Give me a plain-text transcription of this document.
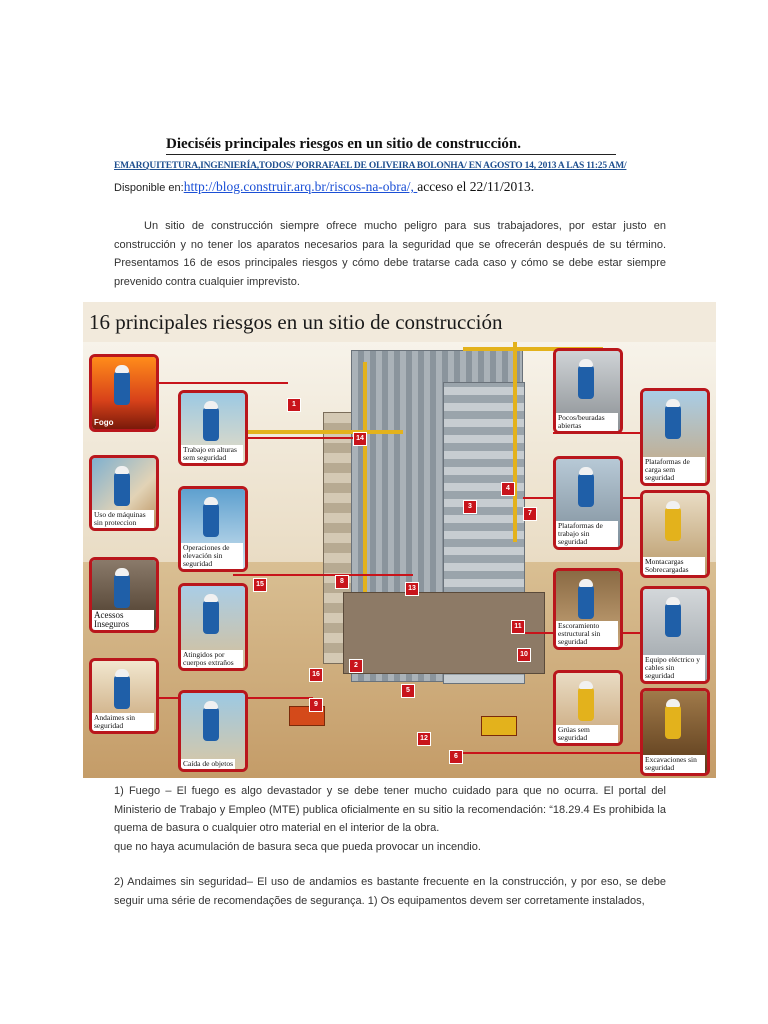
Dieciséis principales riesgos en un sitio de construcción.
EMARQUITETURA,INGENIERÍA,TODOS/ PORRAFAEL DE OLIVEIRA BOLONHA/ EN AGOSTO 14, 2013 A LAS 11:25 AM/
Disponible en:http://blog.construir.arq.br/riscos-na-obra/, acceso el 22/11/2013.
Un sitio de construcción siempre ofrece mucho peligro para sus trabajadores, por estar justo en construcción y no tener los aparatos necesarios para la seguridad que se ofrecerán después de su término. Presentamos 16 de esos principales riesgos y cómo debe tratarse cada caso y cómo se debe estar siempre prevenido contra cualquier imprevisto.
16 principales riesgos en un sitio de construcción
Fogo
Uso de máquinas sin proteccion
Acessos Inseguros
Andaimes sin seguridad
Trabajo en alturas sem seguridad
Operaciones de elevación sin seguridad
Atingidos por cuerpos extraños
Caída de objetos
Pocos/beuradas abiertas
Plataformas de trabajo sin seguridad
Escoramiento estructural sin seguridad
Grúas sem seguridad
Plataformas de carga sem seguridad
Montacargas Sobrecargadas
Equipo eléctrico y cables sin seguridad
Excavaciones sin seguridad
1
14
4
7
3
15	8
13
11
16
2
9
5
10
12
6
1) Fuego – El fuego es algo devastador y se debe tener mucho cuidado para que no ocurra. El portal del Ministerio de Trabajo y Empleo (MTE) publica oficialmente en su sitio la recomendación: “18.29.4 Es prohibida la quema de basura o cualquier otro material en el interior de la obra.
que no haya acumulación de basura seca que pueda provocar un incendio.
2) Andaimes sin seguridad– El uso de andamios es bastante frecuente en la construcción, y por eso, se debe seguir uma série de recomendações de segurança. 1) Os equipamentos devem ser corretamente instalados,
